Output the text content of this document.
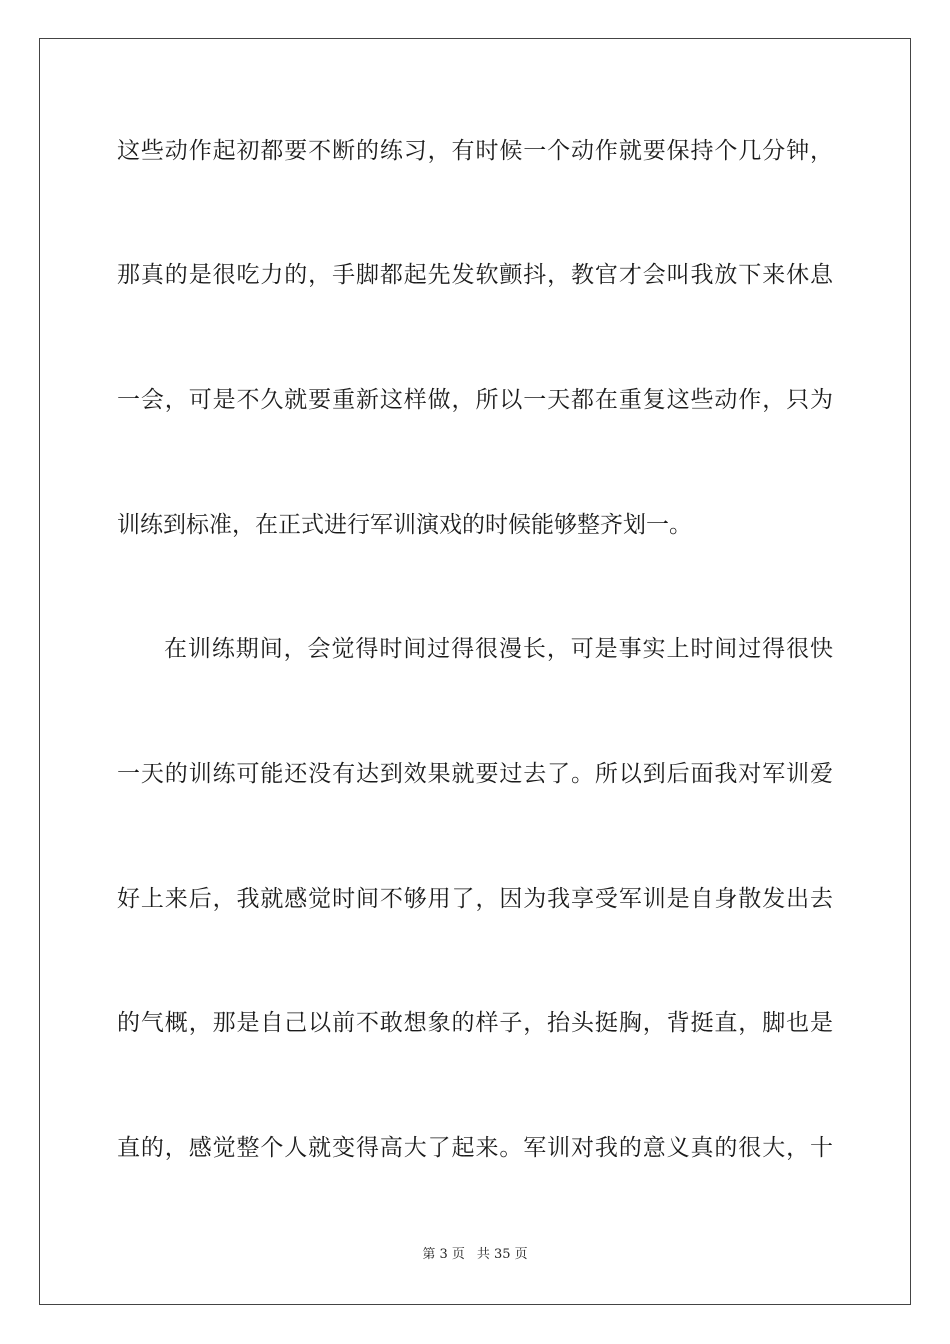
这些动作起初都要不断的练习，有时候一个动作就要保持个几分钟，
那真的是很吃力的，手脚都起先发软颤抖，教官才会叫我放下来休息
一会，可是不久就要重新这样做，所以一天都在重复这些动作，只为
训练到标准，在正式进行军训演戏的时候能够整齐划一。
在训练期间，会觉得时间过得很漫长，可是事实上时间过得很快
一天的训练可能还没有达到效果就要过去了。所以到后面我对军训爱
好上来后，我就感觉时间不够用了，因为我享受军训是自身散发出去
的气概，那是自己以前不敢想象的样子，抬头挺胸，背挺直，脚也是
直的，感觉整个人就变得高大了起来。军训对我的意义真的很大，十
第 3 页 共 35 页
